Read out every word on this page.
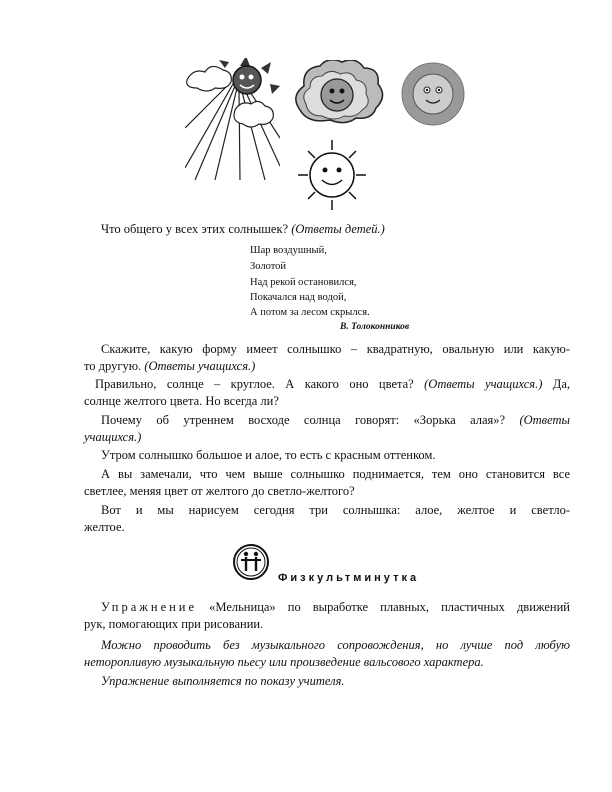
Что общего у всех этих солнышек? (Ответы детей.)
Шар воздушный,
Золотой
Над рекой остановился,
Покачался над водой,
А потом за лесом скрылся.
В. Толоконников
Скажите, какую форму имеет солнышко – квадратную, овальную или какую-
то другую. (Ответы учащихся.)
Правильно, солнце – круглое. А какого оно цвета? (Ответы учащихся.) Да,
солнце желтого цвета. Но всегда ли?
Почему об утреннем восходе солнца говорят: «Зорька алая»? (Ответы
учащихся.)
Утром солнышко большое и алое, то есть с красным оттенком.
А вы замечали, что чем выше солнышко поднимается, тем оно становится все
светлее, меняя цвет от желтого до светло-желтого?
Вот и мы нарисуем сегодня три солнышка: алое, желтое и светло-
желтое.
Физкультминутка
Упражнение «Мельница» по выработке плавных, пластичных движений
рук, помогающих при рисовании.
Можно проводить без музыкального сопровождения, но лучше под любую
неторопливую музыкальную пьесу или произведение вальсового характера.
Упражнение выполняется по показу учителя.
